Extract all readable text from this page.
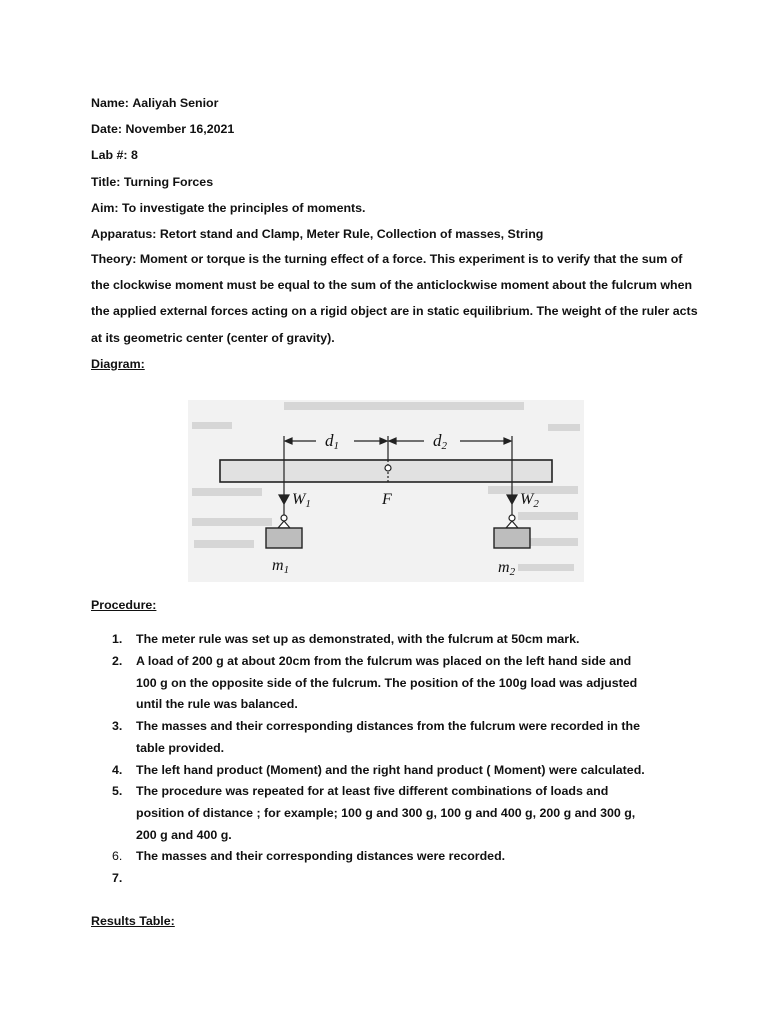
Name: Aaliyah Senior
Date: November 16,2021
Lab #: 8
Title: Turning Forces
Aim: To investigate the principles of moments.
Apparatus: Retort stand and Clamp, Meter Rule, Collection of masses, String
Theory: Moment or torque is the turning effect of a force. This experiment is to verify that the sum of
the clockwise moment must be equal to the sum of the anticlockwise moment about the fulcrum when
the applied external forces acting on a rigid object are in static equilibrium. The weight of the ruler acts
at its geometric center (center of gravity).
Diagram:
d1	d2
W1	W2
F
m1	m2
Procedure:
1. The meter rule was set up as demonstrated, with the fulcrum at 50cm mark.
2. A load of 200 g at about 20cm from the fulcrum was placed on the left hand side and
100 g on the opposite side of the fulcrum. The position of the 100g load was adjusted
until the rule was balanced.
3. The masses and their corresponding distances from the fulcrum were recorded in the
table provided.
4. The left hand product (Moment) and the right hand product ( Moment) were calculated.
5. The procedure was repeated for at least five different combinations of loads and
position of distance ; for example; 100 g and 300 g, 100 g and 400 g, 200 g and 300 g,
200 g and 400 g.
6. The masses and their corresponding distances were recorded.
7.
Results Table:
